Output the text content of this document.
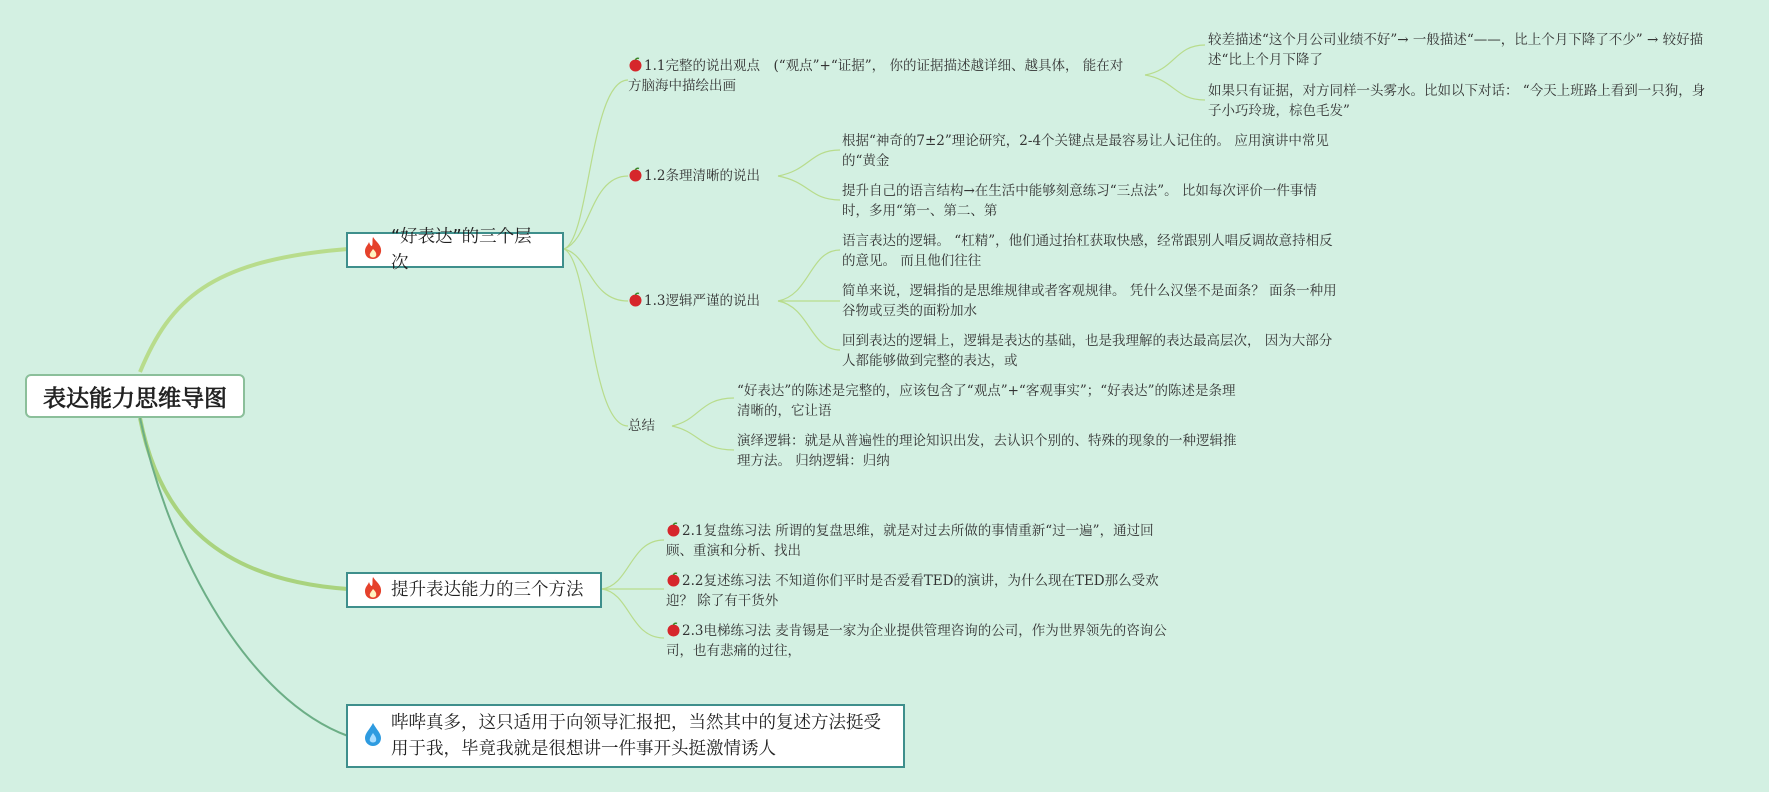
表达能力思维导图
“好表达”的三个层次
1.1完整的说出观点　(“观点”+“证据”， 你的证据描述越详细、越具体， 能在对方脑海中描绘出画
较差描述“这个月公司业绩不好”→ 一般描述“——，比上个月下降了不少” → 较好描述“比上个月下降了
如果只有证据，对方同样一头雾水。比如以下对话： “今天上班路上看到一只狗，身子小巧玲珑，棕色毛发”
1.2条理清晰的说出
根据“神奇的7±2”理论研究，2-4个关键点是最容易让人记住的。 应用演讲中常见的“黄金
提升自己的语言结构→在生活中能够刻意练习“三点法”。 比如每次评价一件事情时，多用“第一、第二、第
1.3逻辑严谨的说出
语言表达的逻辑。 “杠精”，他们通过抬杠获取快感，经常跟别人唱反调故意持相反的意见。 而且他们往往
简单来说，逻辑指的是思维规律或者客观规律。 凭什么汉堡不是面条？ 面条一种用谷物或豆类的面粉加水
回到表达的逻辑上，逻辑是表达的基础，也是我理解的表达最高层次， 因为大部分人都能够做到完整的表达，或
总结
“好表达”的陈述是完整的，应该包含了“观点”+“客观事实”；“好表达”的陈述是条理清晰的，它让语
演绎逻辑：就是从普遍性的理论知识出发，去认识个别的、特殊的现象的一种逻辑推理方法。 归纳逻辑：归纳
提升表达能力的三个方法
2.1复盘练习法 所谓的复盘思维，就是对过去所做的事情重新“过一遍”，通过回顾、重演和分析、找出
2.2复述练习法 不知道你们平时是否爱看TED的演讲，为什么现在TED那么受欢迎？ 除了有干货外
2.3电梯练习法 麦肯锡是一家为企业提供管理咨询的公司，作为世界领先的咨询公司，也有悲痛的过往，
哔哔真多，这只适用于向领导汇报把，当然其中的复述方法挺受用于我，毕竟我就是很想讲一件事开头挺激情诱人
